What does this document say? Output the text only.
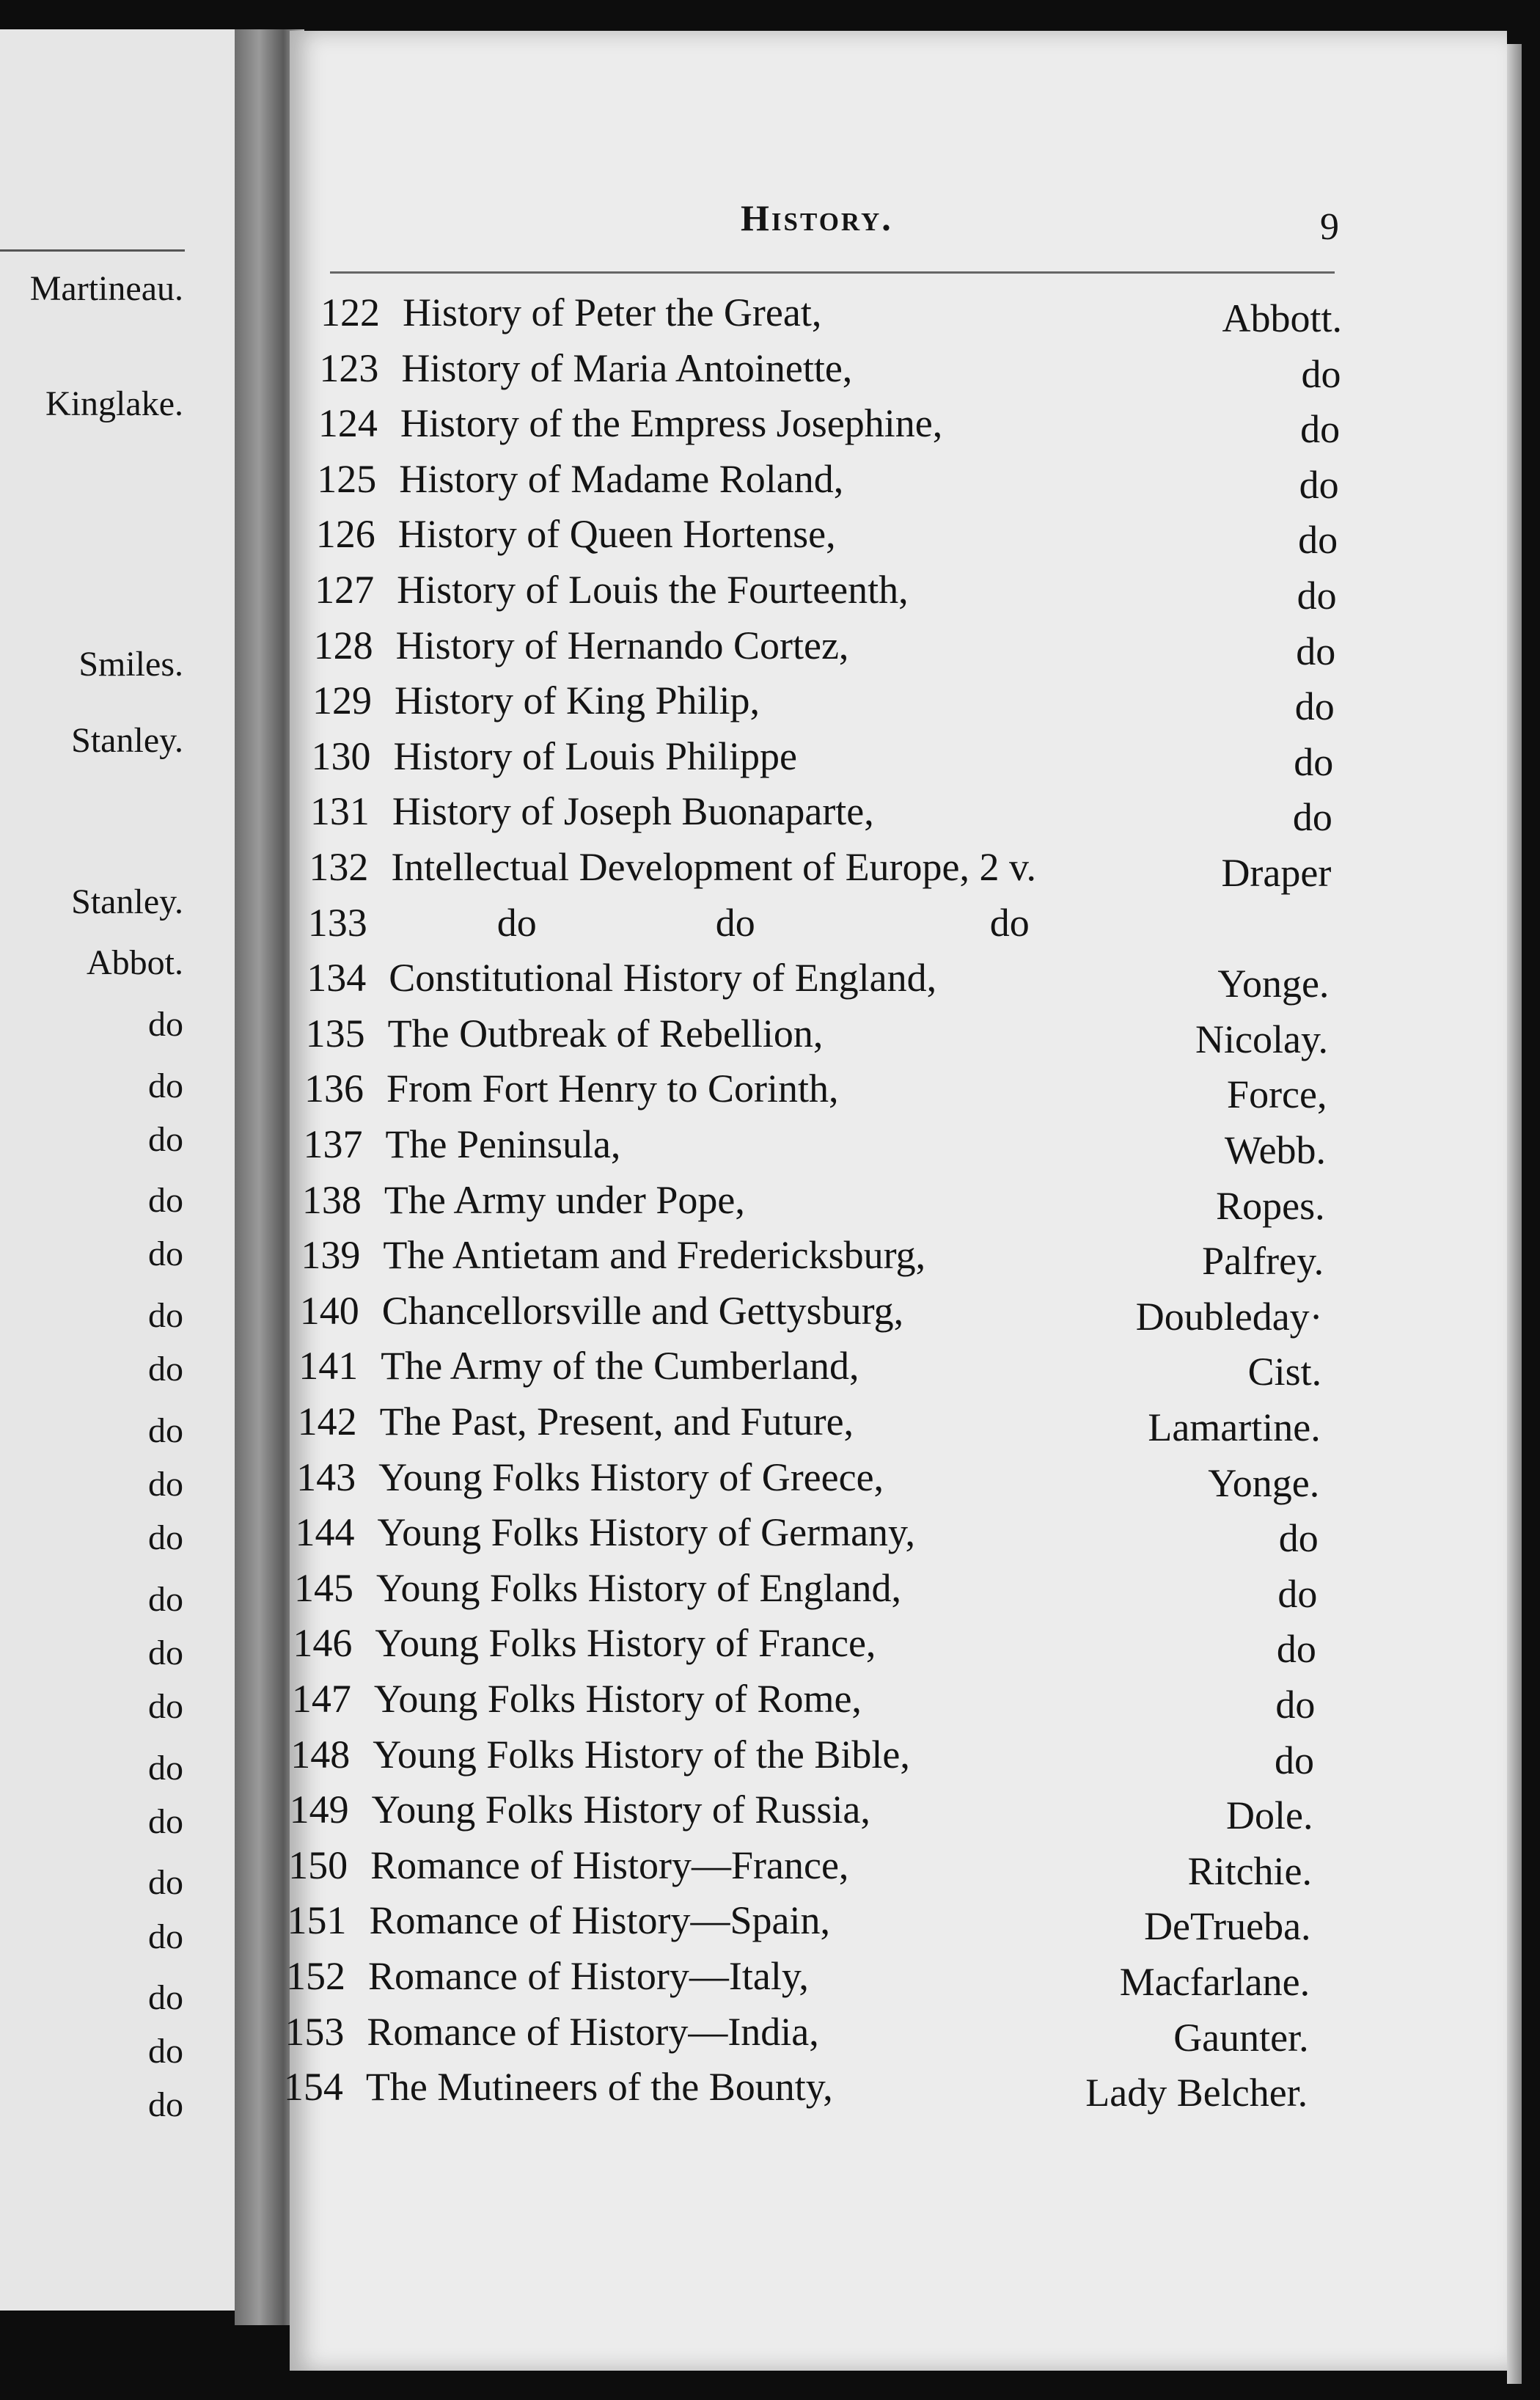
Martineau.
Kinglake.
Smiles.
Stanley.
Stanley.
Abbot.
do
do
do
do
do
do
do
do
do
do
do
do
do
do
do
do
do
do
do
do
History.	9
122 History of Peter the Great,	Abbott.
123 History of Maria Antoinette,	do
124 History of the Empress Josephine,	do
125 History of Madame Roland,	do
126 History of Queen Hortense,	do
127 History of Louis the Fourteenth,	do
128 History of Hernando Cortez,	do
129 History of King Philip,	do
130 History of Louis Philippe	do
131 History of Joseph Buonaparte,	do
132 Intellectual Development of Europe, 2 v.	Draper
133	do	do	do
134 Constitutional History of England,	Yonge.
135 The Outbreak of Rebellion,	Nicolay.
136 From Fort Henry to Corinth,	Force,
137 The Peninsula,	Webb.
138 The Army under Pope,	Ropes.
139 The Antietam and Fredericksburg,	Palfrey.
140 Chancellorsville and Gettysburg,	Doubleday·
141 The Army of the Cumberland,	Cist.
142 The Past, Present, and Future,	Lamartine.
143 Young Folks History of Greece,	Yonge.
144 Young Folks History of Germany,	do
145 Young Folks History of England,	do
146 Young Folks History of France,	do
147 Young Folks History of Rome,	do
148 Young Folks History of the Bible,	do
149 Young Folks History of Russia,	Dole.
150 Romance of History—France,	Ritchie.
151 Romance of History—Spain,	DeTrueba.
152 Romance of History—Italy,	Macfarlane.
153 Romance of History—India,	Gaunter.
154 The Mutineers of the Bounty,	Lady Belcher.
